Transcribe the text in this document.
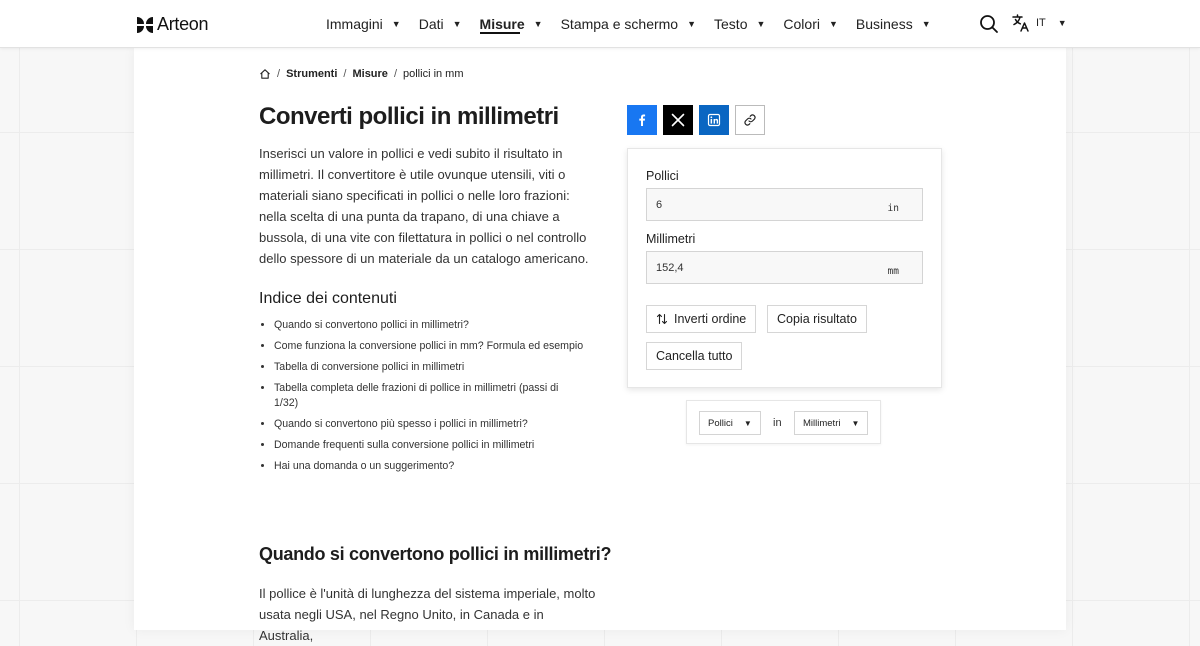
Arteon	Immagini ▼ Dati ▼ Misure ▼ Stampa e schermo ▼ Testo ▼ Colori ▼ Business ▼	IT ▼
/ Strumenti / Misure / pollici in mm
Converti pollici in millimetri

Inserisci un valore in pollici e vedi subito il risultato in millimetri. Il convertitore è utile ovunque utensili, viti o materiali siano specificati in pollici o nelle loro frazioni: nella scelta di una punta da trapano, di una chiave a bussola, di una vite con filettatura in pollici o nel controllo dello spessore di un materiale da un catalogo americano.

Indice dei contenuti
• Quando si convertono pollici in millimetri?
• Come funziona la conversione pollici in mm? Formula ed esempio
• Tabella di conversione pollici in millimetri
• Tabella completa delle frazioni di pollice in millimetri (passi di 1/32)
• Quando si convertono più spesso i pollici in millimetri?
• Domande frequenti sulla conversione pollici in millimetri
• Hai una domanda o un suggerimento?
Quando si convertono pollici in millimetri?

Il pollice è l'unità di lunghezza del sistema imperiale, molto usata negli USA, nel Regno Unito, in Canada e in Australia,

Pollici
6	in
Millimetri
152,4	mm
Inverti ordine Copia risultato
Cancella tutto
Pollici ▼ in Millimetri ▼
